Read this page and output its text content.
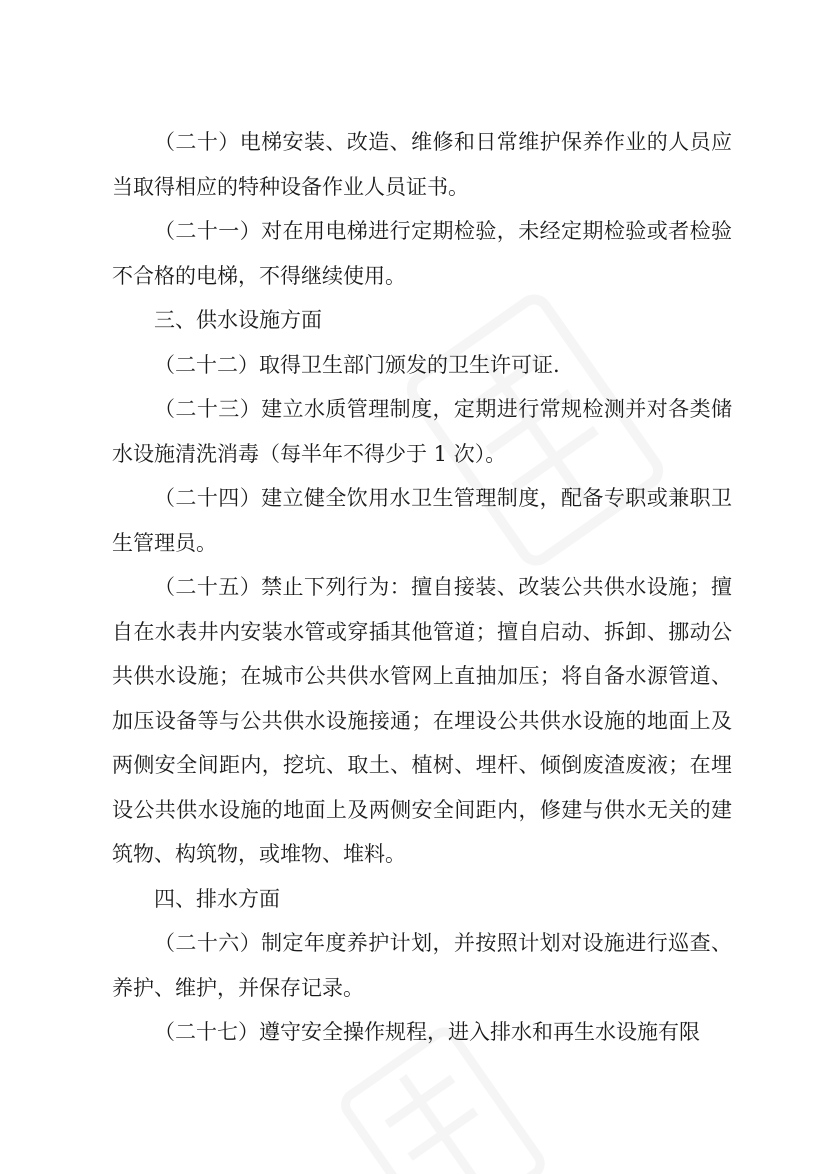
（二十）电梯安装、改造、维修和日常维护保养作业的人员应当取得相应的特种设备作业人员证书。

（二十一）对在用电梯进行定期检验，未经定期检验或者检验不合格的电梯，不得继续使用。

三、供水设施方面

（二十二）取得卫生部门颁发的卫生许可证.

（二十三）建立水质管理制度，定期进行常规检测并对各类储水设施清洗消毒（每半年不得少于 1 次）。

（二十四）建立健全饮用水卫生管理制度，配备专职或兼职卫生管理员。

（二十五）禁止下列行为：擅自接装、改装公共供水设施；擅自在水表井内安装水管或穿插其他管道；擅自启动、拆卸、挪动公共供水设施；在城市公共供水管网上直抽加压；将自备水源管道、加压设备等与公共供水设施接通；在埋设公共供水设施的地面上及两侧安全间距内，挖坑、取土、植树、埋杆、倾倒废渣废液；在埋设公共供水设施的地面上及两侧安全间距内，修建与供水无关的建筑物、构筑物，或堆物、堆料。

四、排水方面

（二十六）制定年度养护计划，并按照计划对设施进行巡查、养护、维护，并保存记录。

（二十七）遵守安全操作规程，进入排水和再生水设施有限
